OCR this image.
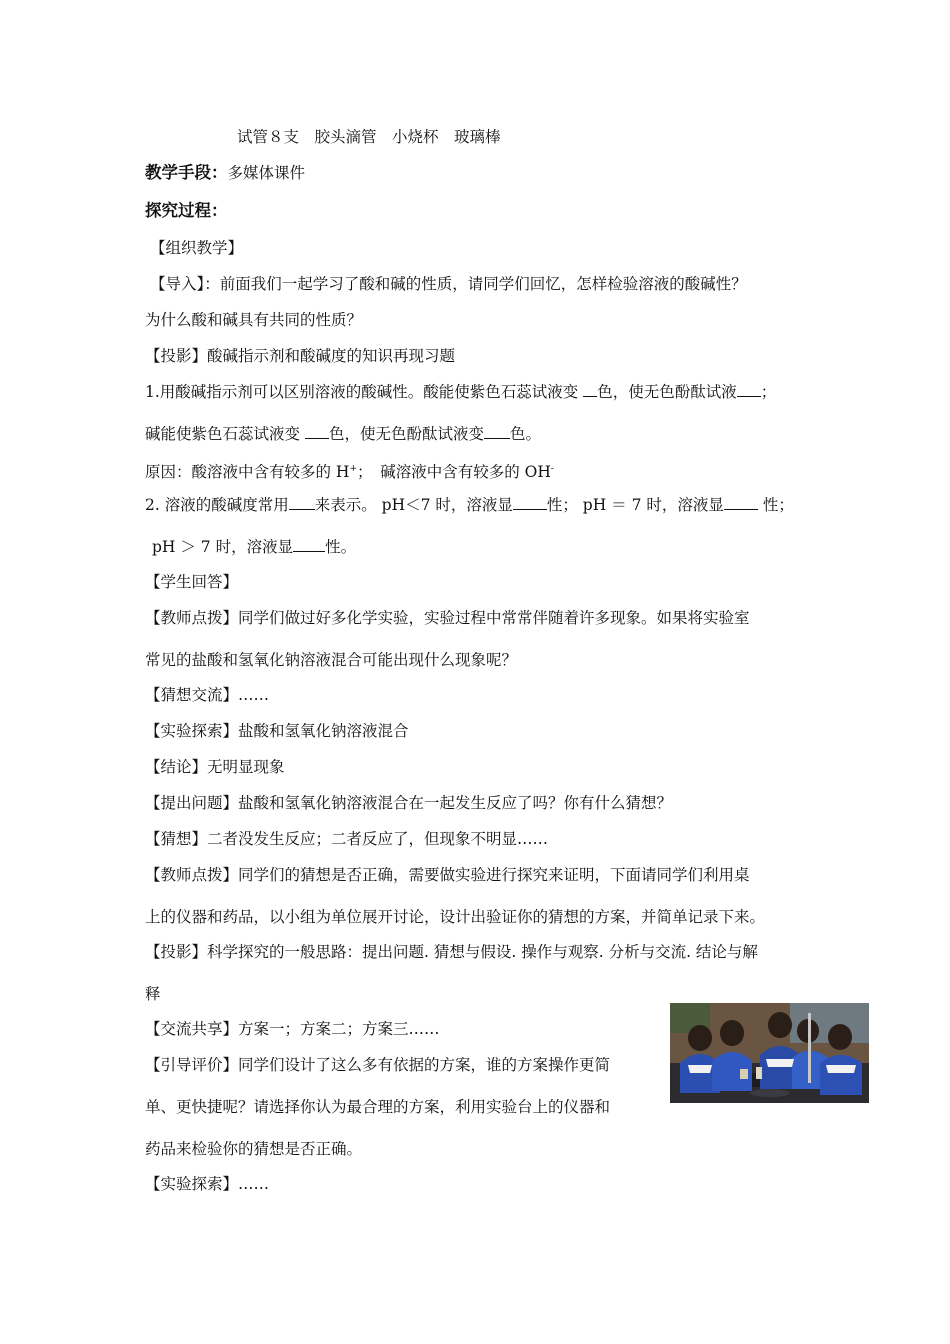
试管８支　胶头滴管　小烧杯　玻璃棒
教学手段：多媒体课件
探究过程：
【组织教学】
【导入】：前面我们一起学习了酸和碱的性质，请同学们回忆，怎样检验溶液的酸碱性？
为什么酸和碱具有共同的性质？
【投影】酸碱指示剂和酸碱度的知识再现习题
1.用酸碱指示剂可以区别溶液的酸碱性。酸能使紫色石蕊试液变 色，使无色酚酞试液 ；
碱能使紫色石蕊试液变 色，使无色酚酞试液变 色。
原因：酸溶液中含有较多的 H+；　碱溶液中含有较多的 OH-
2. 溶液的酸碱度常用 来表示。 pH＜7 时，溶液显 性； pH ＝ 7 时，溶液显 性；
pH ＞ 7 时，溶液显 性。
【学生回答】
【教师点拨】同学们做过好多化学实验，实验过程中常常伴随着许多现象。如果将实验室
常见的盐酸和氢氧化钠溶液混合可能出现什么现象呢？
【猜想交流】……
【实验探索】盐酸和氢氧化钠溶液混合
【结论】无明显现象
【提出问题】盐酸和氢氧化钠溶液混合在一起发生反应了吗？你有什么猜想？
【猜想】二者没发生反应；二者反应了，但现象不明显……
【教师点拨】同学们的猜想是否正确，需要做实验进行探究来证明，下面请同学们利用桌
上的仪器和药品，以小组为单位展开讨论，设计出验证你的猜想的方案，并简单记录下来。
【投影】科学探究的一般思路：提出问题. 猜想与假设. 操作与观察. 分析与交流. 结论与解
释
【交流共享】方案一；方案二；方案三……
【引导评价】同学们设计了这么多有依据的方案，谁的方案操作更简
单、更快捷呢？请选择你认为最合理的方案，利用实验台上的仪器和
药品来检验你的猜想是否正确。
【实验探索】……
